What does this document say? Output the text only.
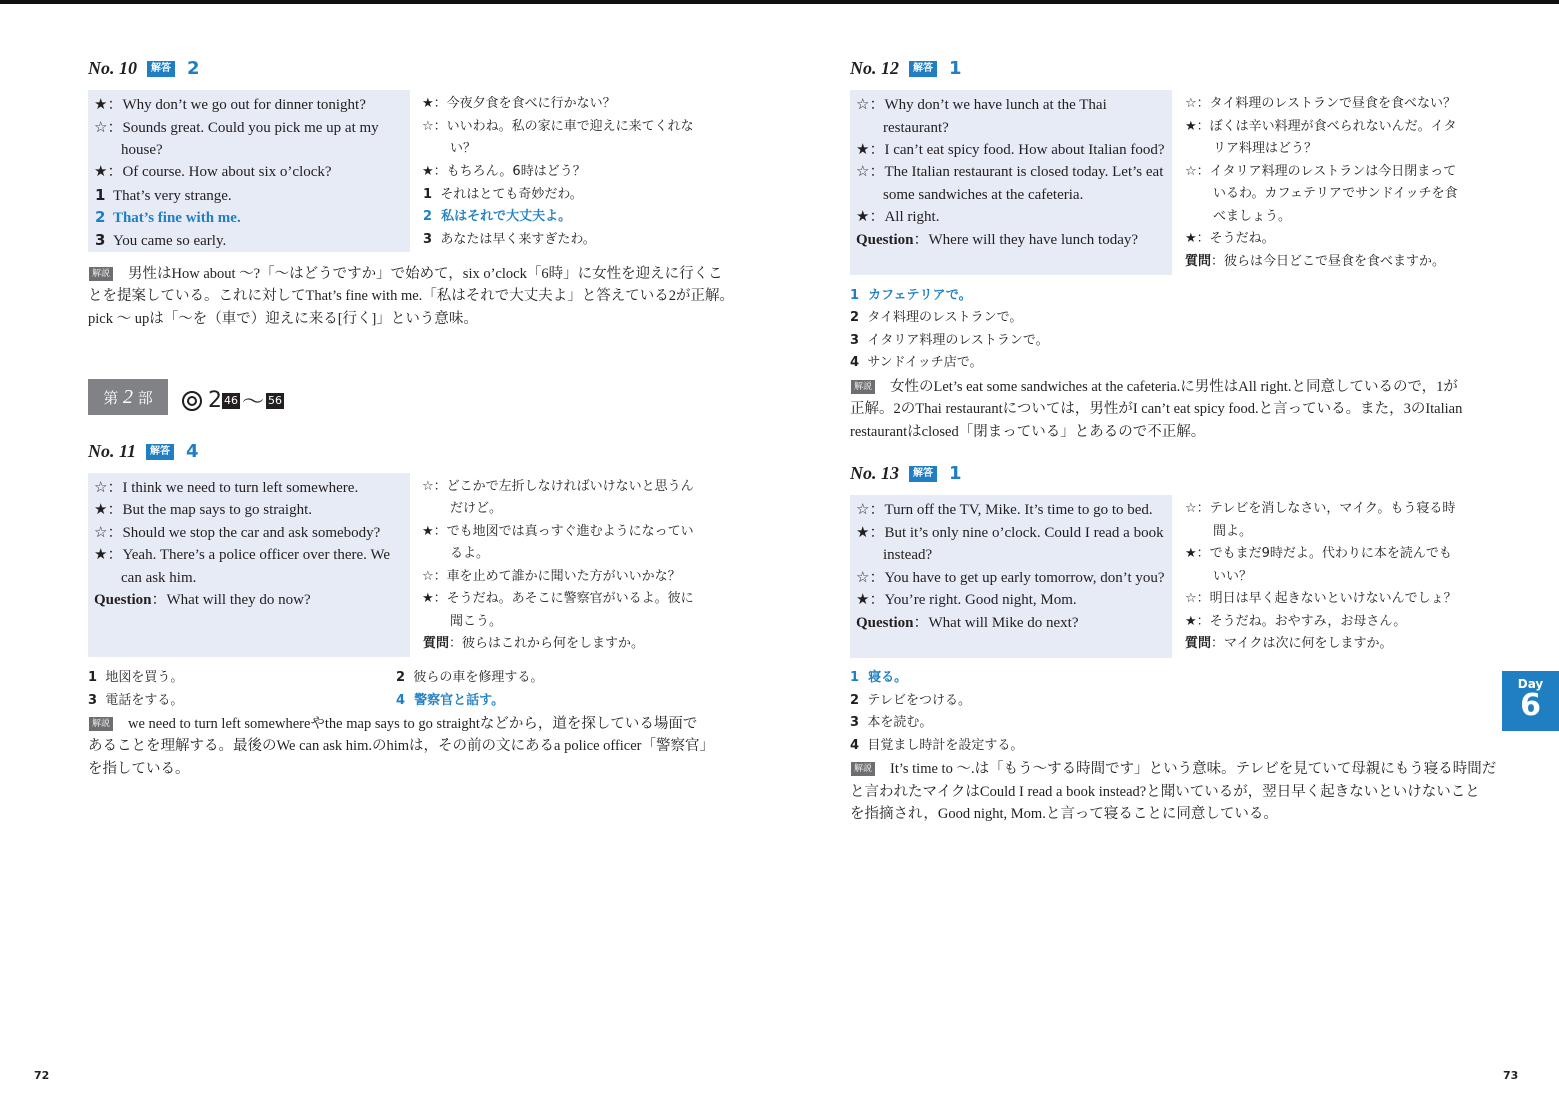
No. 10	解答 2
★：Why don’t we go out for dinner tonight?
☆：Sounds great. Could you pick me up at my
house?
★：Of course. How about six o’clock?
1 That’s very strange.
2 That’s fine with me.
3 You came so early.
★：今夜夕食を食べに行かない？
☆：いいわね。私の家に車で迎えに来てくれな
い？
★：もちろん。6時はどう？
1 それはとても奇妙だわ。
2 私はそれで大丈夫よ。
3 あなたは早く来すぎたわ。
解説 男性はHow about ～?「～はどうですか」で始めて，six o’clock「6時」に女性を迎えに行くこ
とを提案している。これに対してThat’s fine with me.「私はそれで大丈夫よ」と答えている2が正解。
pick ～ upは「～を（車で）迎えに来る[行く]」という意味。
第
2
部	2 46 〜 56
No. 11	解答 4
☆：I think we need to turn left somewhere.
★：But the map says to go straight.
☆：Should we stop the car and ask somebody?
★：Yeah. There’s a police officer over there. We
can ask him.
Question：What will they do now?
☆：どこかで左折しなければいけないと思うん
だけど。
★：でも地図では真っすぐ進むようになってい
るよ。
☆：車を止めて誰かに聞いた方がいいかな？
★：そうだね。あそこに警察官がいるよ。彼に
聞こう。
質問：彼らはこれから何をしますか。
1 地図を買う。	2 彼らの車を修理する。
3 電話をする。	4 警察官と話す。
解説 we need to turn left somewhereやthe map says to go straightなどから，道を探している場面で
あることを理解する。最後のWe can ask him.のhimは，その前の文にあるa police officer「警察官」
を指している。
72
No. 12	解答 1
☆：Why don’t we have lunch at the Thai
restaurant?
★：I can’t eat spicy food. How about Italian food?
☆：The Italian restaurant is closed today. Let’s eat
some sandwiches at the cafeteria.
★：All right.
Question：Where will they have lunch today?
☆：タイ料理のレストランで昼食を食べない？
★：ぼくは辛い料理が食べられないんだ。イタ
リア料理はどう？
☆：イタリア料理のレストランは今日閉まって
いるわ。カフェテリアでサンドイッチを食
べましょう。
★：そうだね。
質問：彼らは今日どこで昼食を食べますか。
1 カフェテリアで。
2 タイ料理のレストランで。
3 イタリア料理のレストランで。
4 サンドイッチ店で。
解説 女性のLet’s eat some sandwiches at the cafeteria.に男性はAll right.と同意しているので，1が
正解。2のThai restaurantについては，男性がI can’t eat spicy food.と言っている。また，3のItalian
restaurantはclosed「閉まっている」とあるので不正解。
No. 13	解答 1
☆：Turn off the TV, Mike. It’s time to go to bed.
★：But it’s only nine o’clock. Could I read a book
instead?
☆：You have to get up early tomorrow, don’t you?
★：You’re right. Good night, Mom.
Question：What will Mike do next?
☆：テレビを消しなさい，マイク。もう寝る時
間よ。
★：でもまだ9時だよ。代わりに本を読んでも
いい？
☆：明日は早く起きないといけないんでしょ？
★：そうだね。おやすみ，お母さん。
質問：マイクは次に何をしますか。
1 寝る。
2 テレビをつける。
3 本を読む。
4 目覚まし時計を設定する。
解説 It’s time to ～.は「もう～する時間です」という意味。テレビを見ていて母親にもう寝る時間だ
と言われたマイクはCould I read a book instead?と聞いているが，翌日早く起きないといけないこと
を指摘され，Good night, Mom.と言って寝ることに同意している。
Day
6
73
